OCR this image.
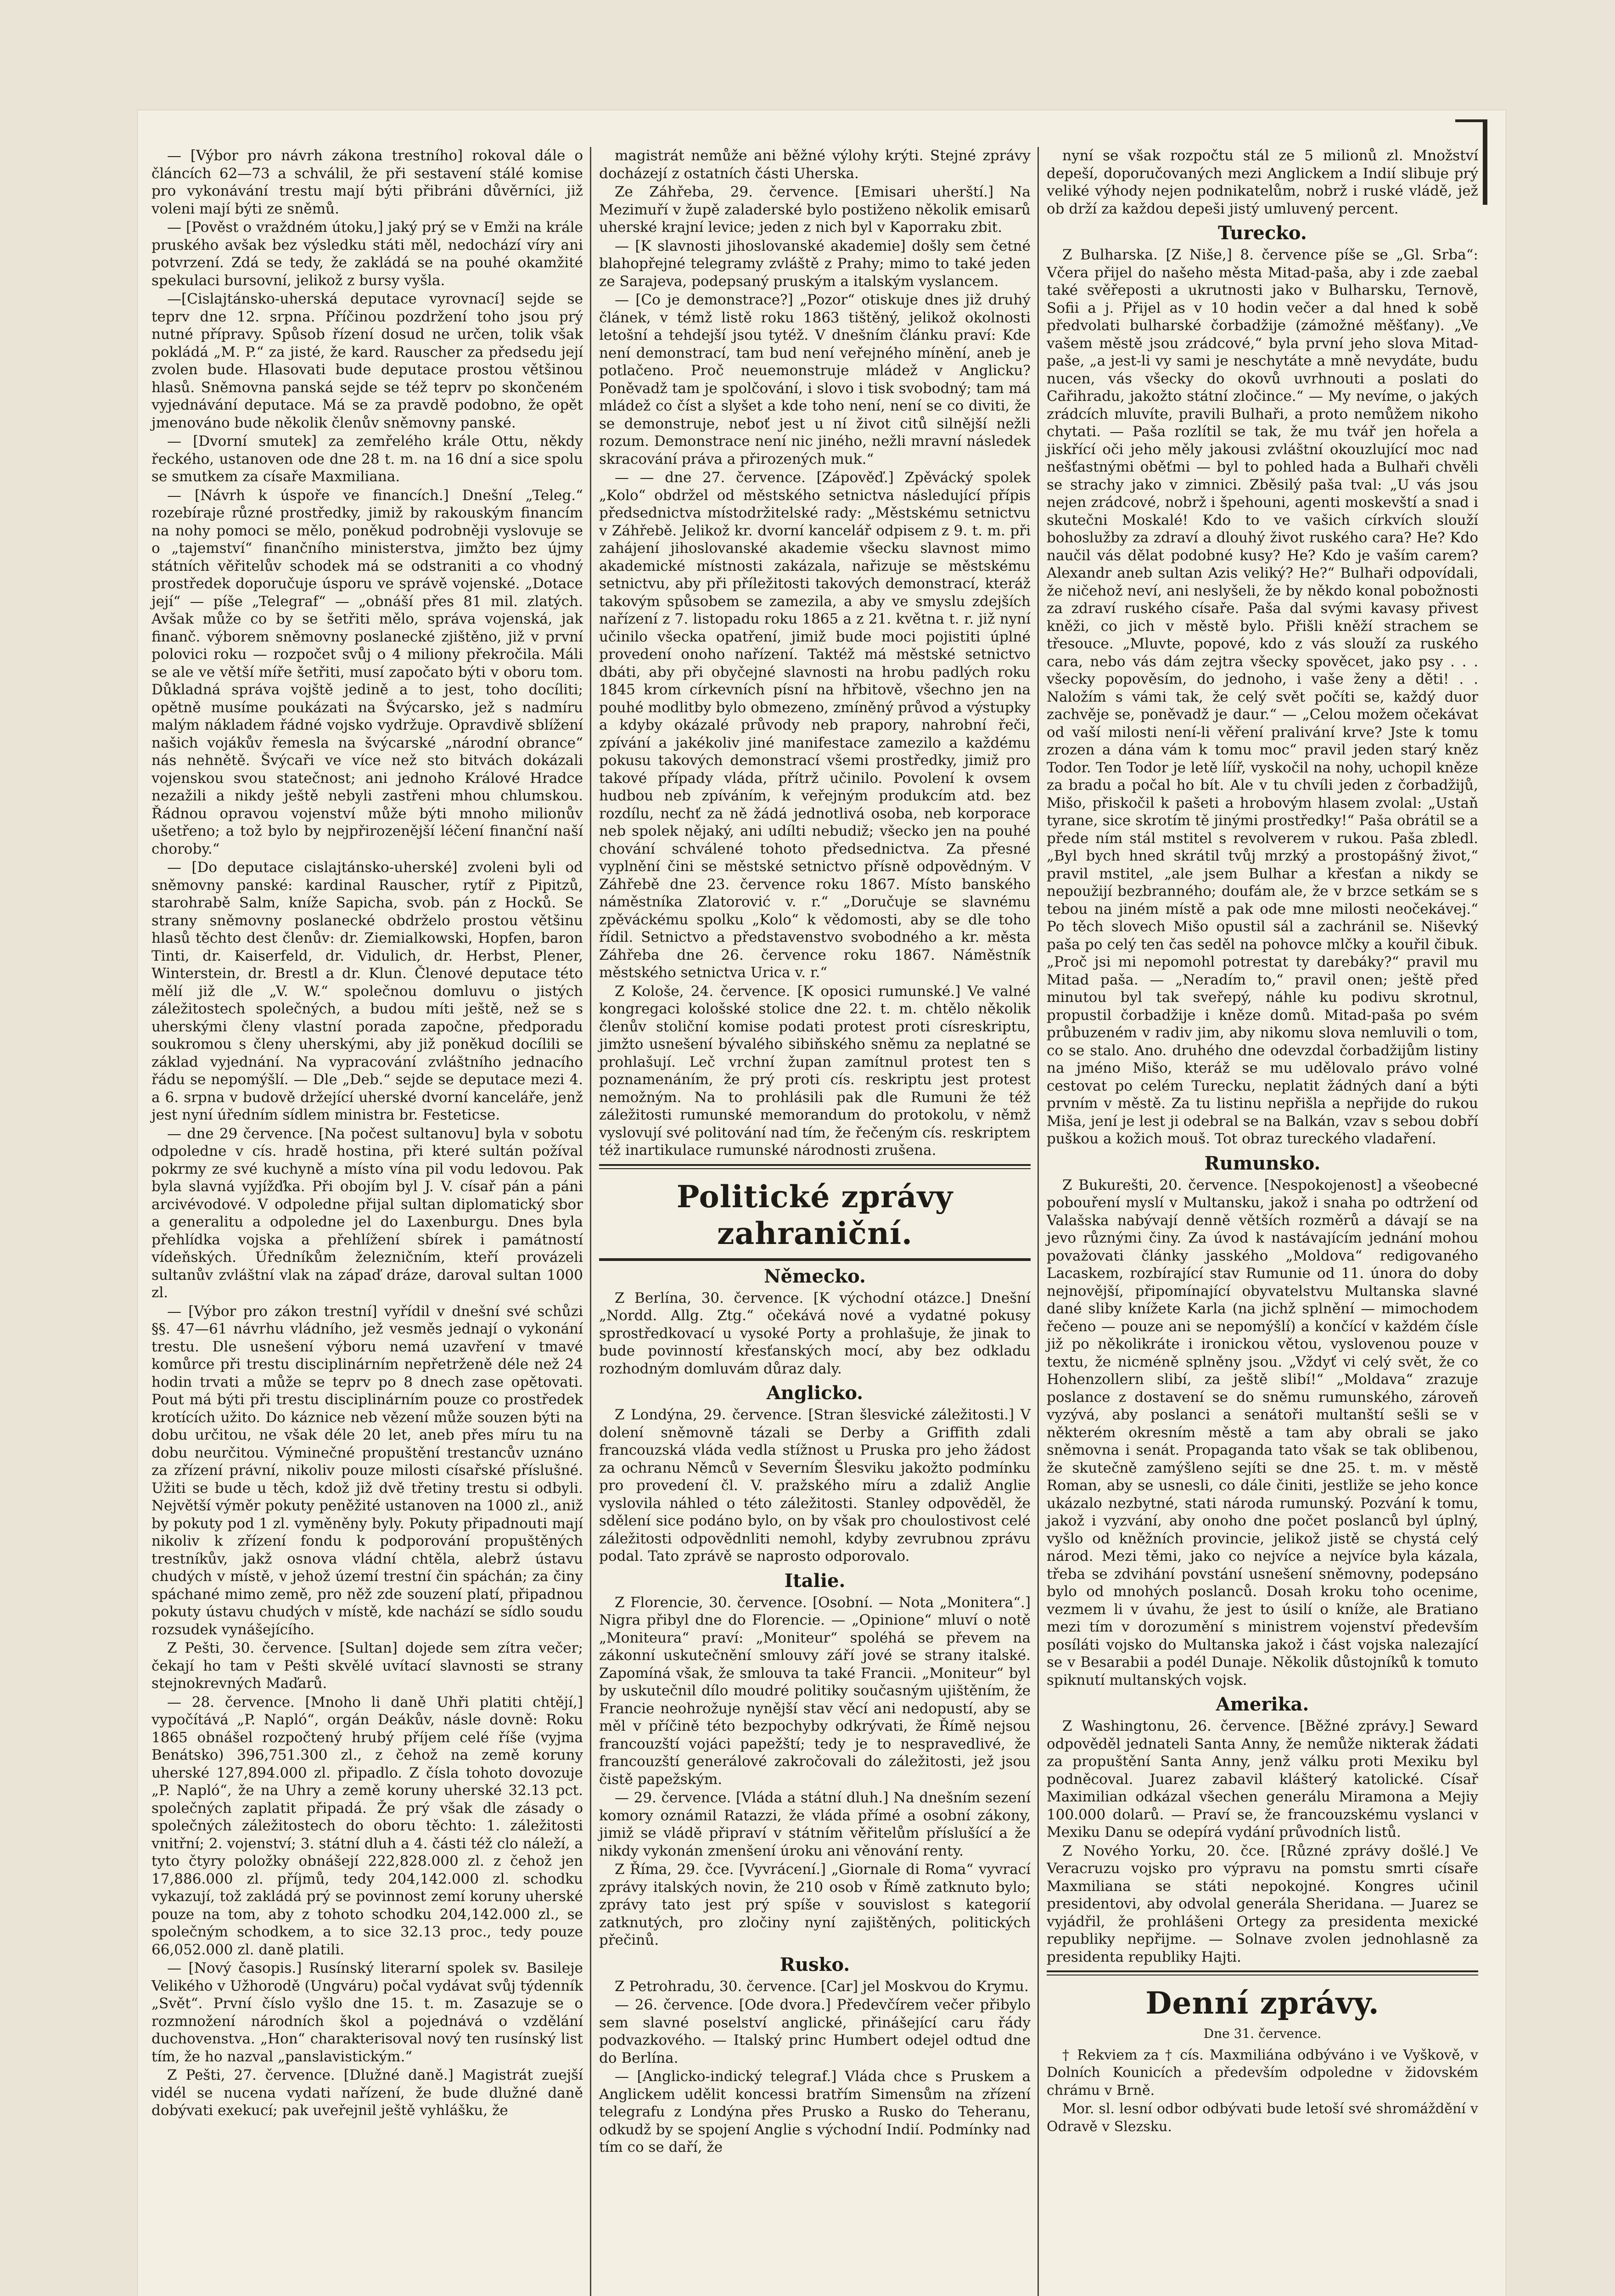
— [Výbor pro návrh zákona trestního] rokoval dále o článcích 62—73 a schválil, že při sestavení stálé komise pro vykonávání trestu mají býti přibráni důvěrníci, již voleni mají býti ze sněmů.

— [Pověst o vraždném útoku,] jaký prý se v Emži na krále pruského avšak bez výsledku státi měl, nedochází víry ani potvrzení. Zdá se tedy, že zakládá se na pouhé okamžité spekulaci bursovní, jelikož z bursy vyšla.

—[Cislajtánsko-uherská deputace vyrovnací] sejde se teprv dne 12. srpna. Příčinou pozdržení toho jsou prý nutné přípravy. Spůsob řízení dosud ne určen, tolik však pokládá „M. P.“ za jisté, že kard. Rauscher za předsedu její zvolen bude. Hlasovati bude deputace prostou většinou hlasů. Sněmovna panská sejde se též teprv po skončeném vyjednávání deputace. Má se za pravdě podobno, že opět jmenováno bude několik členův sněmovny panské.

— [Dvorní smutek] za zemřelého krále Ottu, někdy řeckého, ustanoven ode dne 28 t. m. na 16 dní a sice spolu se smutkem za císaře Maxmiliana.

— [Návrh k úspoře ve financích.] Dnešní „Teleg.“ rozebíraje různé prostředky, jimiž by rakouským financím na nohy pomoci se mělo, poněkud podrobněji vyslovuje se o „tajemství“ finančního ministerstva, jimžto bez újmy státních věřitelův schodek má se odstraniti a co vhodný prostředek doporučuje úsporu ve správě vojenské. „Dotace její“ — píše „Telegraf“ — „obnáší přes 81 mil. zlatých. Avšak může co by se šetřiti mělo, správa vojenská, jak finanč. výborem sněmovny poslanecké zjištěno, již v první polovici roku — rozpočet svůj o 4 miliony překročila. Máli se ale ve větší míře šetřiti, musí započato býti v oboru tom. Důkladná správa vojště jedině a to jest, toho docíliti; opětně musíme poukázati na Švýcarsko, jež s nadmíru malým nákladem řádné vojsko vydržuje. Opravdivě sblížení našich vojákův řemesla na švýcarské „národní obrance“ nás nehnětě. Švýcaři ve více než sto bitvách dokázali vojenskou svou statečnost; ani jednoho Králové Hradce nezažili a nikdy ještě nebyli zastřeni mhou chlumskou. Řádnou opravou vojenství může býti mnoho milionův ušetřeno; a tož bylo by nejpřirozenější léčení finanční naší choroby.“

— [Do deputace cislajtánsko-uherské] zvoleni byli od sněmovny panské: kardinal Rauscher, rytíř z Pipitzů, starohrabě Salm, kníže Sapicha, svob. pán z Hocků. Se strany sněmovny poslanecké obdrželo prostou většinu hlasů těchto dest členův: dr. Ziemialkowski, Hopfen, baron Tinti, dr. Kaiserfeld, dr. Vidulich, dr. Herbst, Plener, Winterstein, dr. Brestl a dr. Klun. Členové deputace této mělí již dle „V. W.“ společnou domluvu o jistých záležitostech společných, a budou míti ještě, než se s uherskými členy vlastní porada započne, předporadu soukromou s členy uherskými, aby již poněkud docílili se základ vyjednání. Na vypracování zvláštního jednacího řádu se nepomýšlí. — Dle „Deb.“ sejde se deputace mezi 4. a 6. srpna v budově držející uherské dvorní kanceláře, jenž jest nyní úředním sídlem ministra br. Festeticse.

— dne 29 července. [Na počest sultanovu] byla v sobotu odpoledne v cís. hradě hostina, při které sultán požíval pokrmy ze své kuchyně a místo vína pil vodu ledovou. Pak byla slavná vyjížďka. Při obojím byl J. V. císař pán a páni arcivévodové. V odpoledne přijal sultan diplomatický sbor a generalitu a odpoledne jel do Laxenburgu. Dnes byla přehlídka vojska a přehlížení sbírek i památností vídeňských. Úředníkům železničním, kteří provázeli sultanův zvláštní vlak na zápaď dráze, daroval sultan 1000 zl.

— [Výbor pro zákon trestní] vyřídil v dnešní své schůzi §§. 47—61 návrhu vládního, jež vesměs jednají o vykonání trestu. Dle usnešení výboru nemá uzavření v tmavé komůrce při trestu disciplinárním nepřetrženě déle než 24 hodin trvati a může se teprv po 8 dnech zase opětovati. Pout má býti při trestu disciplinárním pouze co prostředek krotících užito. Do káznice neb vězení může souzen býti na dobu určitou, ne však déle 20 let, aneb přes míru tu na dobu neurčitou. Výminečné propuštění trestancův uznáno za zřízení právní, nikoliv pouze milosti císařské příslušné. Užiti se bude u těch, kdož již dvě třetiny trestu si odbyli. Největší výměr pokuty peněžité ustanoven na 1000 zl., aniž by pokuty pod 1 zl. vyměněny byly. Pokuty připadnouti mají nikoliv k zřízení fondu k podporování propuštěných trestníkův, jakž osnova vládní chtěla, alebrž ústavu chudých v místě, v jehož území trestní čin spáchán; za činy spáchané mimo země, pro něž zde souzení platí, připadnou pokuty ústavu chudých v místě, kde nachází se sídlo soudu rozsudek vynášejícího.

Z Pešti, 30. července. [Sultan] dojede sem zítra večer; čekají ho tam v Pešti skvělé uvítací slavnosti se strany stejnokrevných Maďarů.

— 28. července. [Mnoho li daně Uhři platiti chtějí,] vypočítává „P. Napló“, orgán Deákův, násle dovně: Roku 1865 obnášel rozpočtený hrubý příjem celé říše (vyjma Benátsko) 396,751.300 zl., z čehož na země koruny uherské 127,894.000 zl. připadlo. Z čísla tohoto dovozuje „P. Napló“, že na Uhry a země koruny uherské 32.13 pct. společných zaplatit připadá. Že prý však dle zásady o společných záležitostech do oboru těchto: 1. záležitosti vnitřní; 2. vojenství; 3. státní dluh a 4. části též clo náleží, a tyto čtyry položky obnášejí 222,828.000 zl. z čehož jen 17,886.000 zl. příjmů, tedy 204,142.000 zl. schodku vykazují, tož zakládá prý se povinnost zemí koruny uherské pouze na tom, aby z tohoto schodku 204,142.000 zl., se společným schodkem, a to sice 32.13 proc., tedy pouze 66,052.000 zl. daně platili.

— [Nový časopis.] Rusínský literarní spolek sv. Basileje Velikého v Užhorodě (Ungváru) počal vydávat svůj týdenník „Svět“. První číslo vyšlo dne 15. t. m. Zasazuje se o rozmnožení národních škol a pojednává o vzdělání duchovenstva. „Hon“ charakterisoval nový ten rusínský list tím, že ho nazval „panslavistickým.“

Z Pešti, 27. července. [Dlužné daně.] Magistrát zuejší vidél se nucena vydati nařízení, že bude dlužné daně dobývati exekucí; pak uveřejnil ještě vyhlášku, že

magistrát nemůže ani běžné výlohy krýti. Stejné zprávy docházejí z ostatních části Uherska.

Ze Záhřeba, 29. července. [Emisari uherští.] Na Mezimuří v župě zaladerské bylo postiženo několik emisarů uherské krajní levice; jeden z nich byl v Kaporraku zbit.

— [K slavnosti jihoslovanské akademie] došly sem četné blahopřejné telegramy zvláště z Prahy; mimo to také jeden ze Sarajeva, podepsaný pruským a italským vyslancem.

— [Co je demonstrace?] „Pozor“ otiskuje dnes již druhý článek, v témž listě roku 1863 tištěný, jelikož okolnosti letošní a tehdejší jsou tytéž. V dnešním článku praví: Kde není demonstrací, tam bud není veřejného mínění, aneb je potlačeno. Proč neuemonstruje mládež v Anglicku? Poněvadž tam je spolčování, i slovo i tisk svobodný; tam má mládež co číst a slyšet a kde toho není, není se co diviti, že se demonstruje, neboť jest u ní život citů silnější nežli rozum. Demonstrace není nic jiného, nežli mravní následek skracování práva a přirozených muk.“

— — dne 27. července. [Zápověď.] Zpěvácký spolek „Kolo“ obdržel od městského setnictva následující přípis předsednictva místodržitelské rady: „Městskému setnictvu v Záhřebě. Jelikož kr. dvorní kancelář odpisem z 9. t. m. při zahájení jihoslovanské akademie všecku slavnost mimo akademické místnosti zakázala, nařizuje se městskému setnictvu, aby při příležitosti takových demonstrací, kteráž takovým spůsobem se zamezila, a aby ve smyslu zdejších nařízení z 7. listopadu roku 1865 a z 21. května t. r. již nyní učinilo všecka opatření, jimiž bude moci pojistiti úplné provedení onoho nařízení. Taktéž má městské setnictvo dbáti, aby při obyčejné slavnosti na hrobu padlých roku 1845 krom církevních písní na hřbitově, všechno jen na pouhé modlitby bylo obmezeno, zmíněný průvod a výstupky a kdyby okázalé průvody neb prapory, nahrobní řeči, zpívání a jakékoliv jiné manifestace zamezilo a každému pokusu takových demonstrací všemi prostředky, jimiž pro takové případy vláda, přítrž učinilo. Povolení k ovsem hudbou neb zpíváním, k veřejným produkcím atd. bez rozdílu, nechť za ně žádá jednotlivá osoba, neb korporace neb spolek nějaký, ani udílti nebudiž; všecko jen na pouhé chování schválené tohoto předsednictva. Za přesné vyplnění čini se městské setnictvo přísně odpovědným. V Záhřebě dne 23. července roku 1867. Místo banského náměstníka Zlatorović v. r.“ „Doručuje se slavnému zpěváckému spolku „Kolo“ k vědomosti, aby se dle toho řídil. Setnictvo a představenstvo svobodného a kr. města Záhřeba dne 26. července roku 1867. Náměstník městského setnictva Urica v. r.“

Z Kološe, 24. července. [K oposici rumunské.] Ve valné kongregaci kološské stolice dne 22. t. m. chtělo několik členův stoliční komise podati protest proti císreskriptu, jimžto usnešení bývalého sibiňského sněmu za neplatné se prohlašují. Leč vrchní župan zamítnul protest ten s poznamenáním, že prý proti cís. reskriptu jest protest nemožným. Na to prohlásili pak dle Rumuni že též záležitosti rumunské memorandum do protokolu, v němž vyslovují své politování nad tím, že řečeným cís. reskriptem též inartikulace rumunské národnosti zrušena.

Politické zprávy zahraniční.
Německo.

Z Berlína, 30. července. [K východní otázce.] Dnešní „Nordd. Allg. Ztg.“ očekává nové a vydatné pokusy sprostředkovací u vysoké Porty a prohlašuje, že jinak to bude povinností křesťanských mocí, aby bez odkladu rozhodným domluvám důraz daly.

Anglicko.

Z Londýna, 29. července. [Stran šlesvické záležitosti.] V dolení sněmovně tázali se Derby a Griffith zdali francouzská vláda vedla stížnost u Pruska pro jeho žádost za ochranu Němců v Severním Šlesviku jakožto podmínku pro provedení čl. V. pražského míru a zdaliž Anglie vyslovila náhled o této záležitosti. Stanley odpověděl, že sdělení sice podáno bylo, on by však pro choulostivost celé záležitosti odpovědnliti nemohl, kdyby zevrubnou zprávu podal. Tato zprávě se naprosto odporovalo.

Italie.

Z Florencie, 30. července. [Osobní. — Nota „Monitera“.] Nigra přibyl dne do Florencie. — „Opinione“ mluví o notě „Moniteura“ praví: „Moniteur“ spoléhá se převem na zákonní uskutečnění smlouvy září jové se strany italské. Zapomíná však, že smlouva ta také Francii. „Moniteur“ byl by uskutečnil dílo moudré politiky současným ujištěním, že Francie neohrožuje nynější stav věcí ani nedopustí, aby se měl v příčině této bezpochyby odkrývati, že Římě nejsou francouzští vojáci papežští; tedy je to nespravedlivé, že francouzští generálové zakročovali do záležitosti, jež jsou čistě papežským.

— 29. července. [Vláda a státní dluh.] Na dnešním sezení komory oznámil Ratazzi, že vláda přímé a osobní zákony, jimiž se vládě připraví v státním věřitelům příslušící a že nikdy vykonán zmenšení úroku ani věnování renty.

Z Říma, 29. čce. [Vyvrácení.] „Giornale di Roma“ vyvrací zprávy italských novin, že 210 osob v Římě zatknuto bylo; zprávy tato jest prý spíše v souvislost s kategorií zatknutých, pro zločiny nyní zajištěných, politických přečinů.

Rusko.

Z Petrohradu, 30. července. [Car] jel Moskvou do Krymu.

— 26. července. [Ode dvora.] Předevčírem večer přibylo sem slavné poselství anglické, přinášející caru řády podvazkového. — Italský princ Humbert odejel odtud dne do Berlína.

— [Anglicko-indický telegraf.] Vláda chce s Pruskem a Anglickem udělit koncessi bratřím Simensům na zřízení telegrafu z Londýna přes Prusko a Rusko do Teheranu, odkudž by se spojení Anglie s východní Indií. Podmínky nad tím co se daří, že

nyní se však rozpočtu stál ze 5 milionů zl. Množství depeší, doporučovaných mezi Anglickem a Indií slibuje prý veliké výhody nejen podnikatelům, nobrž i ruské vládě, jež ob drží za každou depeši jistý umluvený percent.

Turecko.

Z Bulharska. [Z Niše,] 8. července píše se „Gl. Srba“: Včera přijel do našeho města Mitad-paša, aby i zde zaebal také svěřeposti a ukrutnosti jako v Bulharsku, Ternově, Sofii a j. Přijel as v 10 hodin večer a dal hned k sobě předvolati bulharské čorbadžije (zámožné měšťany). „Ve vašem městě jsou zrádcové,“ byla první jeho slova Mitad-paše, „a jest-li vy sami je neschytáte a mně nevydáte, budu nucen, vás všecky do okovů uvrhnouti a poslati do Cařihradu, jakožto státní zločince.“ — My nevíme, o jakých zrádcích mluvíte, pravili Bulhaři, a proto nemůžem nikoho chytati. — Paša rozlítil se tak, že mu tvář jen hořela a jiskřící oči jeho měly jakousi zvláštní okouzlující moc nad nešťastnými oběťmi — byl to pohled hada a Bulhaři chvěli se strachy jako v zimnici. Zběsilý paša tval: „U vás jsou nejen zrádcové, nobrž i špehouni, agenti moskevští a snad i skutečni Moskalé! Kdo to ve vašich církvích slouží bohoslužby za zdraví a dlouhý život ruského cara? He? Kdo naučil vás dělat podobné kusy? He? Kdo je vaším carem? Alexandr aneb sultan Azis veliký? He?“ Bulhaři odpovídali, že ničehož neví, ani neslyšeli, že by někdo konal pobožnosti za zdraví ruského císaře. Paša dal svými kavasy přivest kněži, co jich v městě bylo. Přišli kněží strachem se třesouce. „Mluvte, popové, kdo z vás slouží za ruského cara, nebo vás dám zejtra všecky spověcet, jako psy . . . všecky popověsím, do jednoho, i vaše ženy a děti! . . Naložím s vámi tak, že celý svět počíti se, každý duor zachvěje se, poněvadž je daur.“ — „Celou možem očekávat od vaší milosti není-li věření pralivání krve? Jste k tomu zrozen a dána vám k tomu moc“ pravil jeden starý kněz Todor. Ten Todor je letě lííř, vyskočil na nohy, uchopil kněze za bradu a počal ho bít. Ale v tu chvíli jeden z čorbadžijů, Mišo, přiskočil k pašeti a hrobovým hlasem zvolal: „Ustaň tyrane, sice skrotím tě jinými prostředky!“ Paša obrátil se a přede ním stál mstitel s revolverem v rukou. Paša zbledl. „Byl bych hned skrátil tvůj mrzký a prostopášný život,“ pravil mstitel, „ale jsem Bulhar a křesťan a nikdy se nepoužijí bezbranného; doufám ale, že v brzce setkám se s tebou na jiném místě a pak ode mne milosti neočekávej.“ Po těch slovech Mišo opustil sál a zachránil se. Niševký paša po celý ten čas seděl na pohovce mlčky a kouřil čibuk. „Proč jsi mi nepomohl potrestat ty darebáky?“ pravil mu Mitad paša. — „Neradím to,“ pravil onen; ještě před minutou byl tak sveřepý, náhle ku podivu skrotnul, propustil čorbadžije i kněze domů. Mitad-paša po svém průbuzeném v radiv jim, aby nikomu slova nemluvili o tom, co se stalo. Ano. druhého dne odevzdal čorbadžijům listiny na jméno Mišo, kteráž se mu udělovalo právo volné cestovat po celém Turecku, neplatit žádných daní a býti prvním v městě. Za tu listinu nepřišla a nepřijde do rukou Miša, jení je lest ji odebral se na Balkán, vzav s sebou dobří puškou a kožich mouš. Tot obraz tureckého vladaření.

Rumunsko.

Z Bukurešti, 20. července. [Nespokojenost] a všeobecné pobouření myslí v Multansku, jakož i snaha po odtržení od Valašska nabývají denně větších rozměrů a dávají se na jevo různými činy. Za úvod k nastávajícím jednání mohou považovati články jasského „Moldova“ redigovaného Lacaskem, rozbírající stav Rumunie od 11. února do doby nejnovější, připomínající obyvatelstvu Multanska slavné dané sliby knížete Karla (na jichž splnění — mimochodem řečeno — pouze ani se nepomýšlí) a končící v každém čísle již po několikráte i ironickou větou, vyslovenou pouze v textu, že nicméně splněny jsou. „Vždyť vi celý svět, že co Hohenzollern slibí, za ještě slibí!“ „Moldava“ zrazuje poslance z dostavení se do sněmu rumunského, zároveň vyzývá, aby poslanci a senátoři multanští sešli se v některém okresním městě a tam aby obrali se jako sněmovna i senát. Propaganda tato však se tak oblibenou, že skutečně zamýšleno sejíti se dne 25. t. m. v městě Roman, aby se usnesli, co dále činiti, jestliže se jeho konce ukázalo nezbytné, stati národa rumunský. Pozvání k tomu, jakož i vyzvání, aby onoho dne počet poslanců byl úplný, vyšlo od kněžních provincie, jelikož jistě se chystá celý národ. Mezi těmi, jako co nejvíce a nejvíce byla kázala, třeba se zdvihání povstání usnešení sněmovny, podepsáno bylo od mnohých poslanců. Dosah kroku toho ocenime, vezmem li v úvahu, že jest to úsilí o kníže, ale Bratiano mezi tím v dorozumění s ministrem vojenství především posíláti vojsko do Multanska jakož i část vojska nalezající se v Besarabii a podél Dunaje. Několik důstojníků k tomuto spiknutí multanských vojsk.

Amerika.

Z Washingtonu, 26. července. [Běžné zprávy.] Seward odpověděl jednateli Santa Anny, že nemůže nikterak žádati za propuštění Santa Anny, jenž válku proti Mexiku byl podněcoval. Juarez zabavil klášterý katolické. Císař Maximilian odkázal všechen generálu Miramona a Mejiy 100.000 dolarů. — Praví se, že francouzskému vyslanci v Mexiku Danu se odepírá vydání průvodních listů.

Z Nového Yorku, 20. čce. [Různé zprávy došlé.] Ve Veracruzu vojsko pro výpravu na pomstu smrti císaře Maxmiliana se státi nepokojné. Kongres učinil presidentovi, aby odvolal generála Sheridana. — Juarez se vyjádřil, že prohlášeni Ortegy za presidenta mexické republiky nepřijme. — Solnave zvolen jednohlasně za presidenta republiky Hajti.

Denní zprávy.
Dne 31. července.

† Rekviem za † cís. Maxmiliána odbýváno i ve Vyškově, v Dolních Kounicích a především odpoledne v židovském chrámu v Brně.

Mor. sl. lesní odbor odbývati bude letoší své shromáždění v Odravě v Slezsku.
